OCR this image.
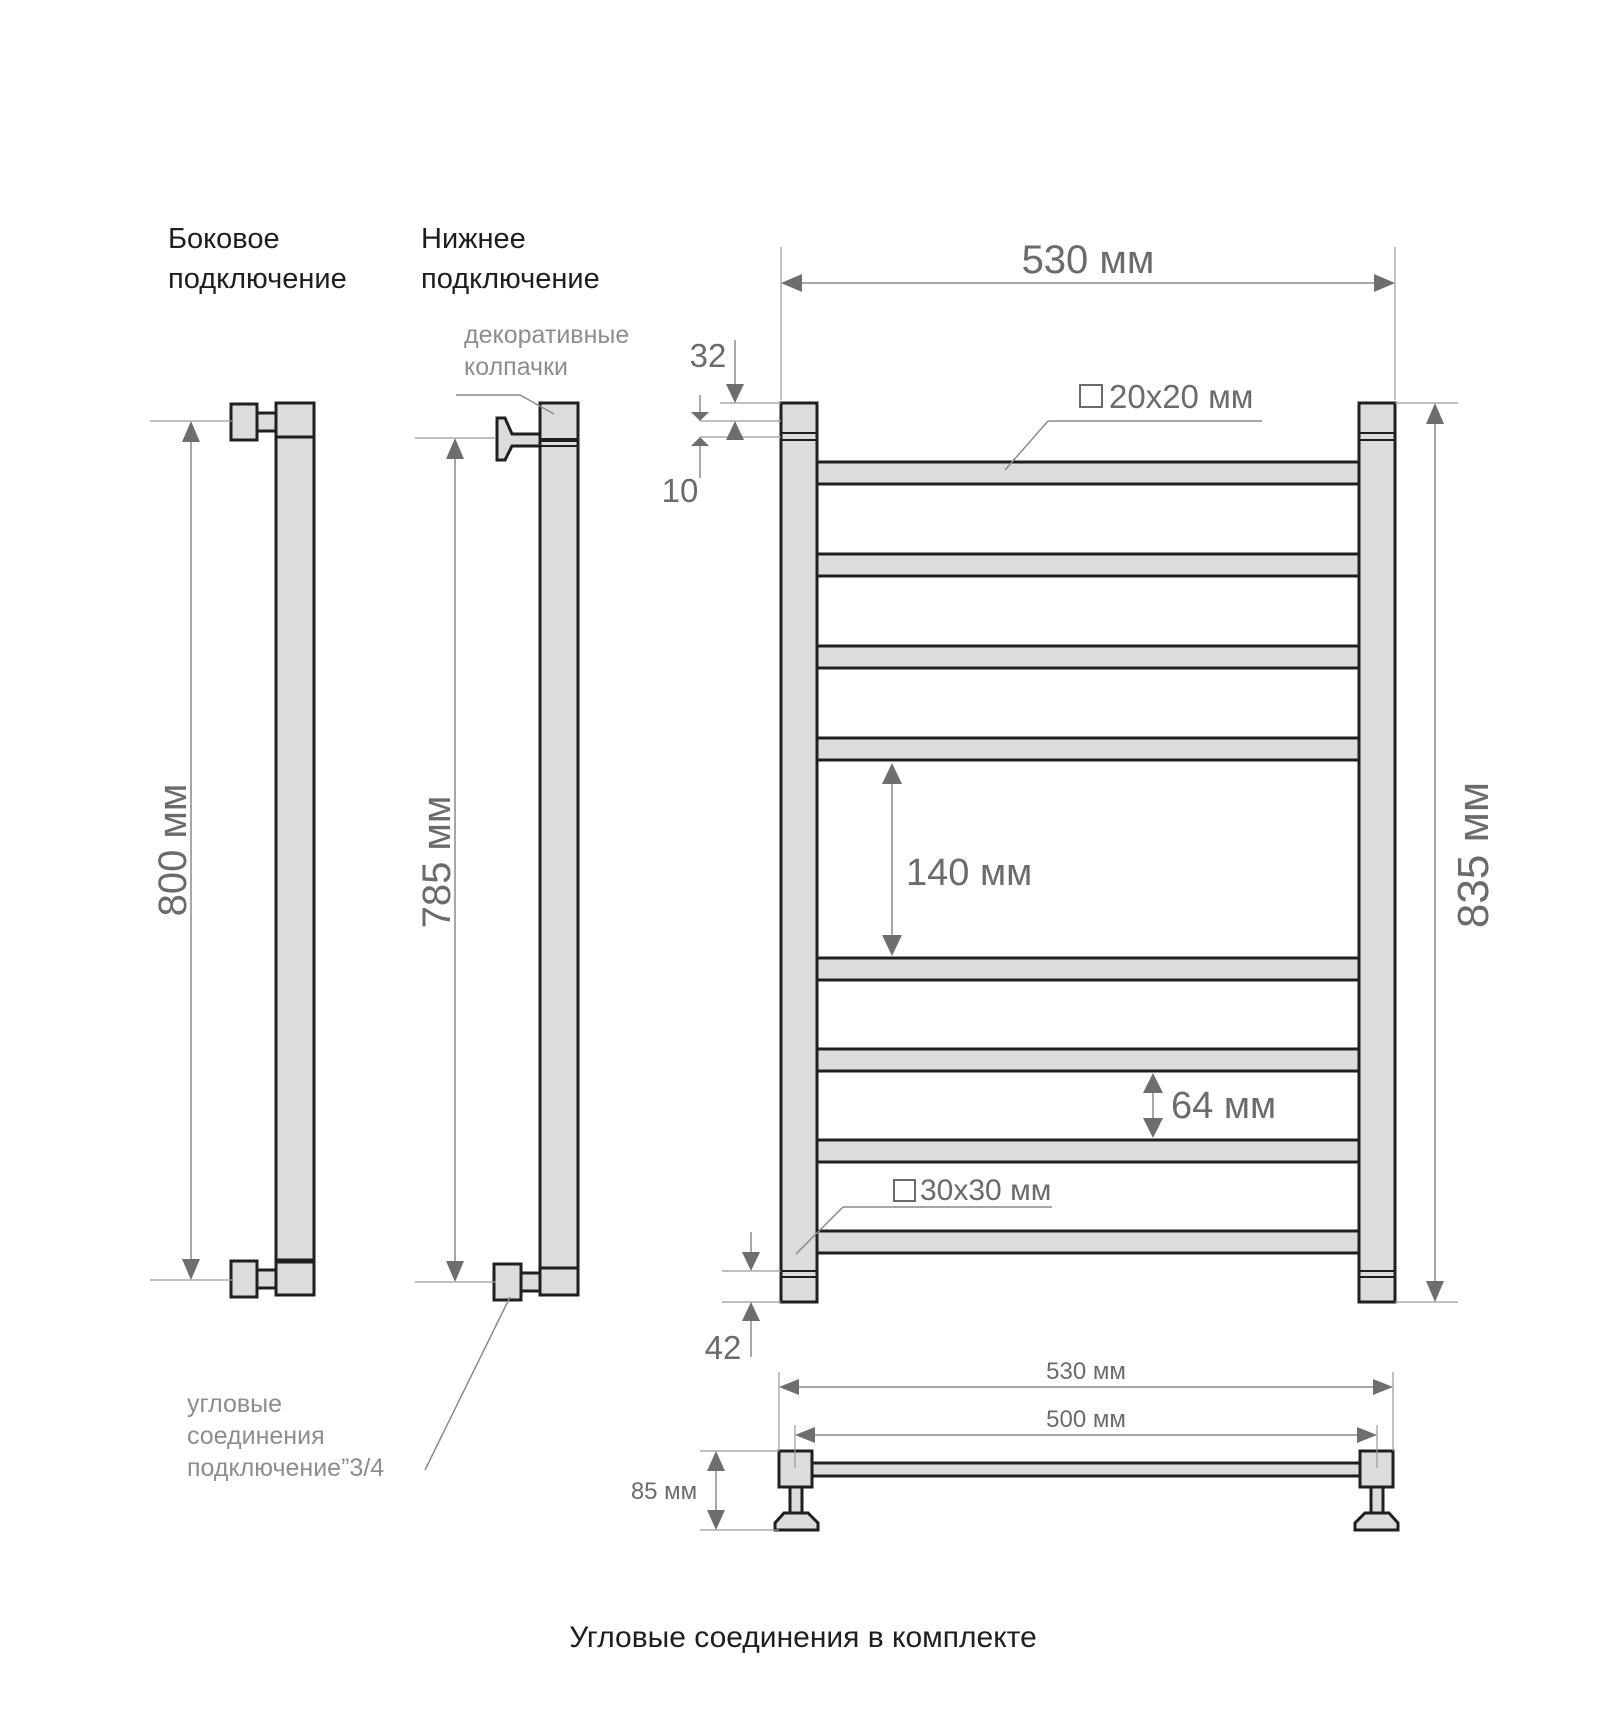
Боковое
подключение
Нижнее
подключение
800 мм	785 мм
декоративные
колпачки
угловые
соединения
подключение”3/4
530 мм
835 мм
32
10
20x20 мм
140 мм
64 мм
30x30 мм
42
530 мм
500 мм
85 мм
Угловые соединения в комплекте
